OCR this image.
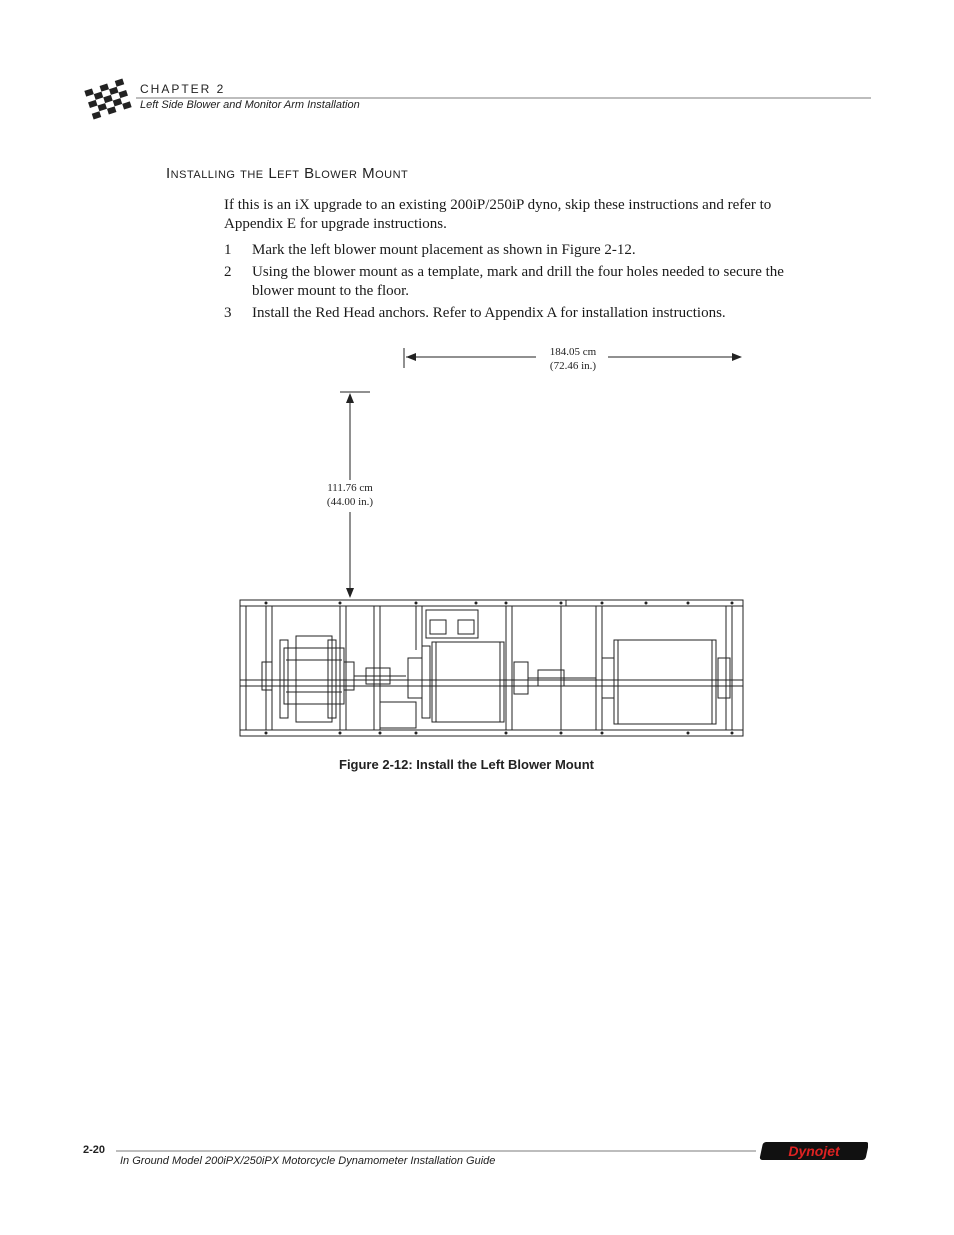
CHAPTER 2
Left Side Blower and Monitor Arm Installation
Installing the Left Blower Mount
If this is an iX upgrade to an existing 200iP/250iP dyno, skip these instructions and refer to Appendix E for upgrade instructions.
1	Mark the left blower mount placement as shown in Figure 2-12.
2	Using the blower mount as a template, mark and drill the four holes needed to secure the blower mount to the floor.
3	Install the Red Head anchors. Refer to Appendix A for installation instructions.
184.05 cm
(72.46 in.)
111.76 cm
(44.00 in.)
Figure 2-12: Install the Left Blower Mount
2-20
In Ground Model 200iPX/250iPX Motorcycle Dynamometer Installation Guide
Dynojet
